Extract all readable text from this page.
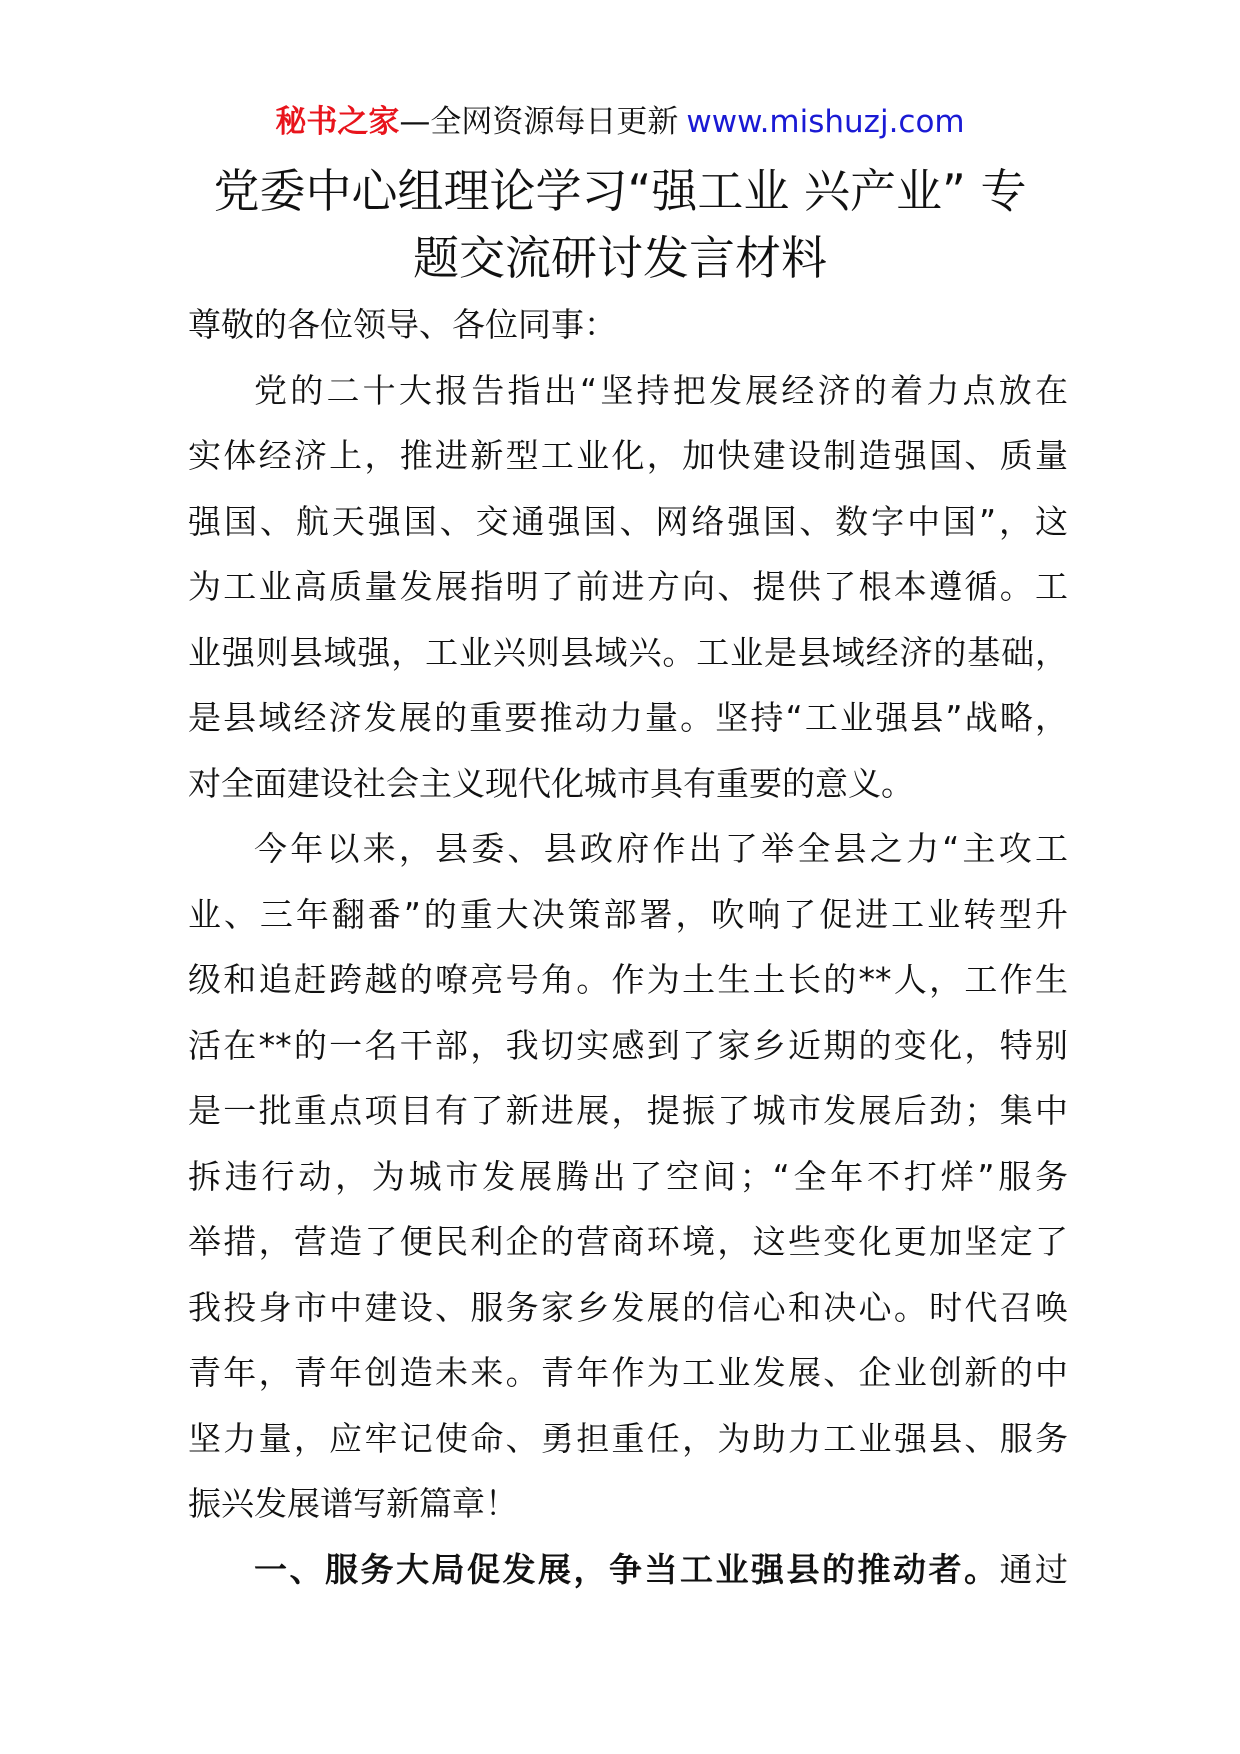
秘书之家—全网资源每日更新 www.mishuzj.com
党委中心组理论学习“强工业 兴产业” 专
题交流研讨发言材料
尊敬的各位领导、各位同事：
党的二十大报告指出“坚持把发展经济的着力点放在
实体经济上，推进新型工业化，加快建设制造强国、质量
强国、航天强国、交通强国、网络强国、数字中国”，这
为工业高质量发展指明了前进方向、提供了根本遵循。工
业强则县域强，工业兴则县域兴。工业是县域经济的基础，
是县域经济发展的重要推动力量。坚持“工业强县”战略，
对全面建设社会主义现代化城市具有重要的意义。
今年以来，县委、县政府作出了举全县之力“主攻工
业、三年翻番”的重大决策部署，吹响了促进工业转型升
级和追赶跨越的嘹亮号角。作为土生土长的**人，工作生
活在**的一名干部，我切实感到了家乡近期的变化，特别
是一批重点项目有了新进展，提振了城市发展后劲；集中
拆违行动，为城市发展腾出了空间；“全年不打烊”服务
举措，营造了便民利企的营商环境，这些变化更加坚定了
我投身市中建设、服务家乡发展的信心和决心。时代召唤
青年，青年创造未来。青年作为工业发展、企业创新的中
坚力量，应牢记使命、勇担重任，为助力工业强县、服务
振兴发展谱写新篇章！
一、服务大局促发展，争当工业强县的推动者。通过
